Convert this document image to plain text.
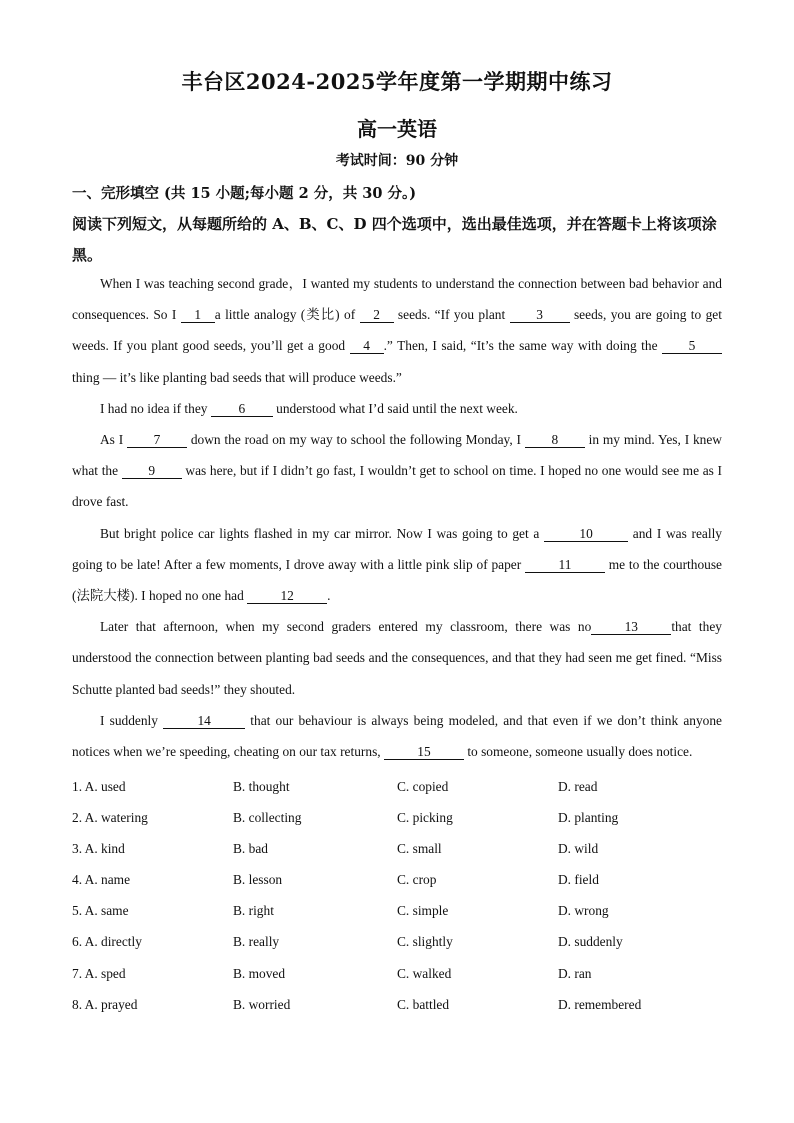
丰台区2024-2025学年度第一学期期中练习
高一英语
考试时间：90 分钟
一、完形填空 (共 15 小题;每小题 2 分，共 30 分。)
阅读下列短文，从每题所给的 A、B、C、D 四个选项中，选出最佳选项，并在答题卡上将该项涂黑。

When I was teaching second grade，I wanted my students to understand the connection between bad behavior and consequences. So I 1 a little analogy (类比) of 2 seeds. “If you plant 3 seeds, you are going to get weeds. If you plant good seeds, you’ll get a good 4 .” Then, I said, “It’s the same way with doing the 5 thing — it’s like planting bad seeds that will produce weeds.”

I had no idea if they 6 understood what I’d said until the next week.

As I 7 down the road on my way to school the following Monday, I 8 in my mind. Yes, I knew what the 9 was here, but if I didn’t go fast, I wouldn’t get to school on time. I hoped no one would see me as I drove fast.

But bright police car lights flashed in my car mirror. Now I was going to get a	10	and I was really going to be late! After a few moments, I drove away with a little pink slip of paper	11	me to the courthouse (法院大楼). I hoped no one had 12 .

Later that afternoon, when my second graders entered my classroom, there was no 13 that they understood the connection between planting bad seeds and the consequences, and that they had seen me get fined. “Miss Schutte planted bad seeds!” they shouted.

I suddenly	14	that our behaviour is always being modeled, and that even if we don’t think anyone notices when we’re speeding, cheating on our tax returns, 15 to someone, someone usually does notice.

1. A. used	B. thought	C. copied	D. read
2. A. watering	B. collecting	C. picking	D. planting
3. A. kind	B. bad	C. small	D. wild
4. A. name	B. lesson	C. crop	D. field
5. A. same	B. right	C. simple	D. wrong
6. A. directly	B. really	C. slightly	D. suddenly
7. A. sped	B. moved	C. walked	D. ran
8. A. prayed	B. worried	C. battled	D. remembered
